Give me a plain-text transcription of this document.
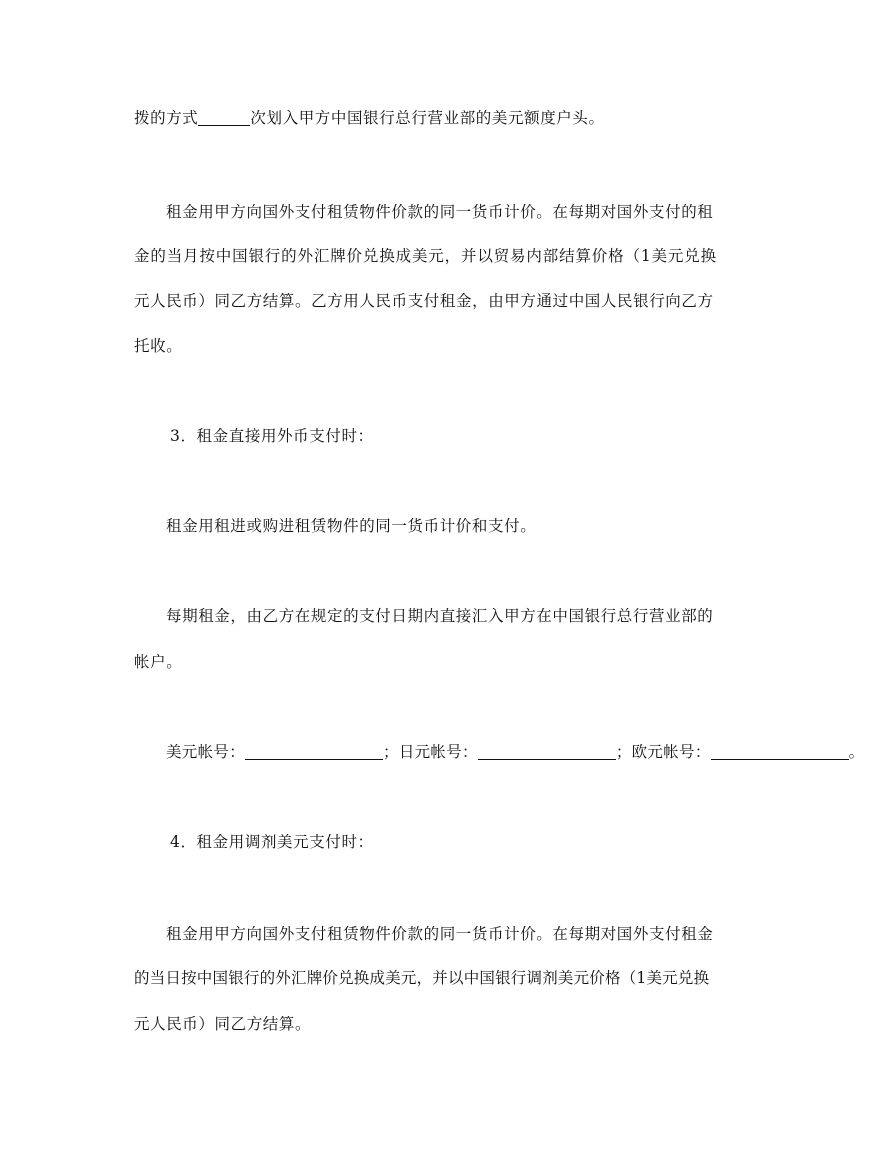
拨的方式	次划入甲方中国银行总行营业部的美元额度户头。

租金用甲方向国外支付租赁物件价款的同一货币计价。在每期对国外支付的租

金的当月按中国银行的外汇牌价兑换成美元，并以贸易内部结算价格（1美元兑换

元人民币）同乙方结算。乙方用人民币支付租金，由甲方通过中国人民银行向乙方

托收。

3．租金直接用外币支付时：

租金用租进或购进租赁物件的同一货币计价和支付。

每期租金，由乙方在规定的支付日期内直接汇入甲方在中国银行总行营业部的

帐户。

美元帐号：	；日元帐号：	；欧元帐号：	。

4．租金用调剂美元支付时：

租金用甲方向国外支付租赁物件价款的同一货币计价。在每期对国外支付租金

的当日按中国银行的外汇牌价兑换成美元，并以中国银行调剂美元价格（1美元兑换

元人民币）同乙方结算。
